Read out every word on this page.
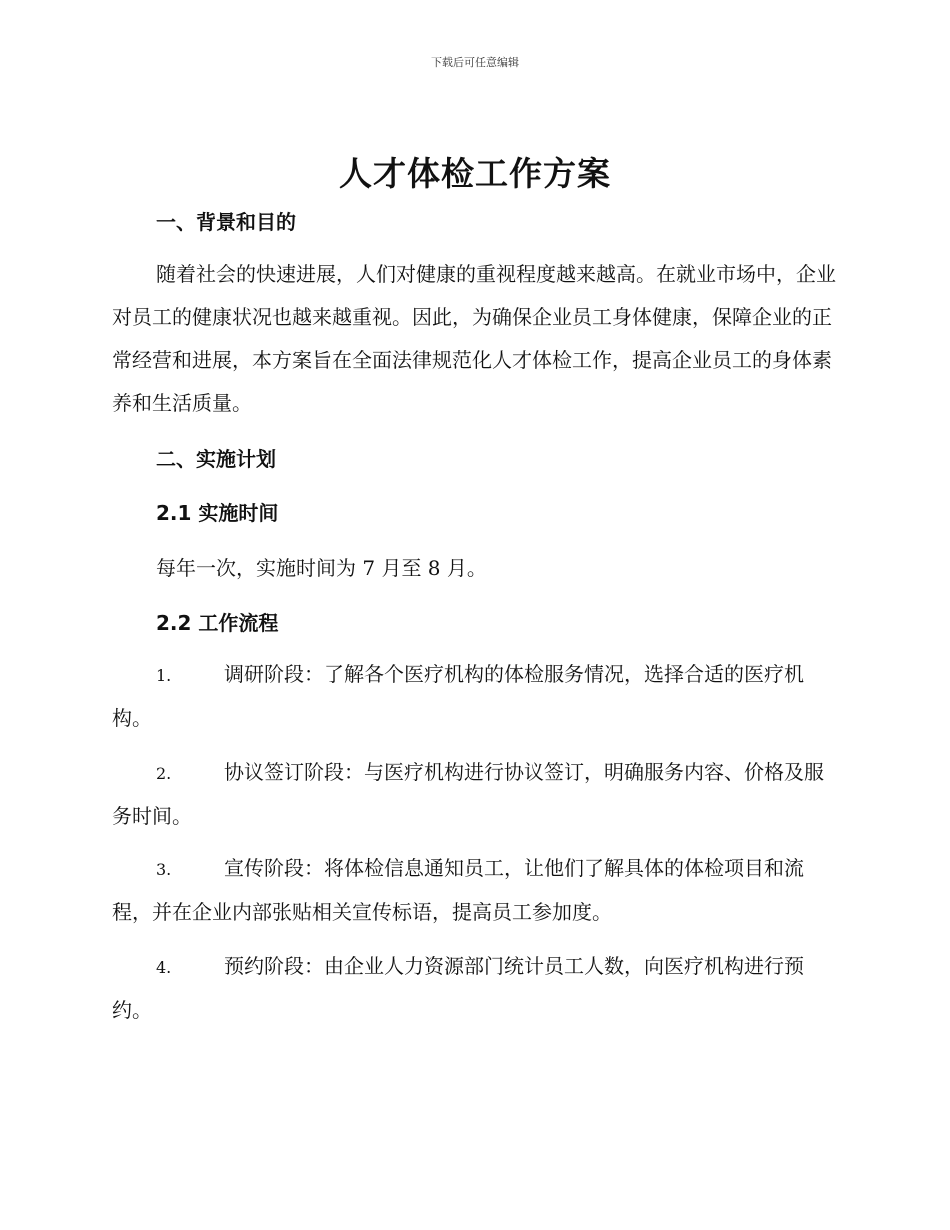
下载后可任意编辑
人才体检工作方案
一、背景和目的
随着社会的快速进展，人们对健康的重视程度越来越高。在就业市场中，企业对员工的健康状况也越来越重视。因此，为确保企业员工身体健康，保障企业的正常经营和进展，本方案旨在全面法律规范化人才体检工作，提高企业员工的身体素养和生活质量。
二、实施计划
2.1 实施时间
每年一次，实施时间为 7 月至 8 月。
2.2 工作流程
1.	调研阶段：了解各个医疗机构的体检服务情况，选择合适的医疗机构。
2.	协议签订阶段：与医疗机构进行协议签订，明确服务内容、价格及服务时间。
3.	宣传阶段：将体检信息通知员工，让他们了解具体的体检项目和流程，并在企业内部张贴相关宣传标语，提高员工参加度。
4.	预约阶段：由企业人力资源部门统计员工人数，向医疗机构进行预约。
